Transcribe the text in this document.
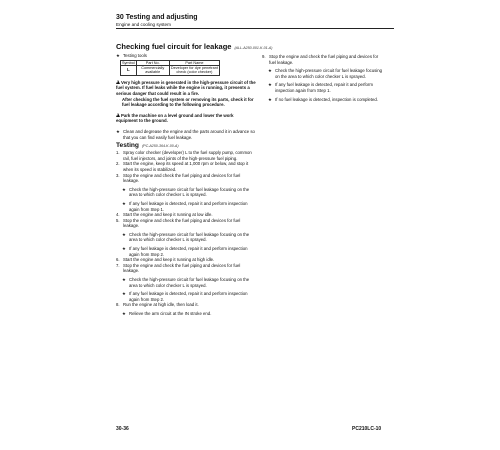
30 Testing and adjusting
Engine and cooling system
Checking fuel circuit for leakage (ALL-A250-001-K-01-A)
★ Testing tools
Symbol	Part No.	Part Name
L	Commercially available	Developer for dye penetrant check (color checker)
!Very high pressure is generated in the high-pressure circuit of the fuel system. If fuel leaks while the engine is running, it presents a serious danger that could result in a fire.
After checking the fuel system or removing its parts, check it for fuel leakage according to the following procedure.
!Park the machine on a level ground and lower the work equipment to the ground.
★ Clean and degrease the engine and the parts around it in advance so that you can find easily fuel leakage.
Testing (PC-A250-364-K-00-A)
1. Spray color checker (developer) L to the fuel supply pump, common rail, fuel injectors, and joints of the high-pressure fuel piping.
2. Start the engine, keep its speed at 1,000 rpm or below, and stop it when its speed is stabilized.
3. Stop the engine and check the fuel piping and devices for fuel leakage.
★ Check the high-pressure circuit for fuel leakage focusing on the area to which color checker L is sprayed.
★ If any fuel leakage is detected, repair it and perform inspection again from Step 1.
4. Start the engine and keep it running at low idle.
5. Stop the engine and check the fuel piping and devices for fuel leakage.
★ Check the high-pressure circuit for fuel leakage focusing on the area to which color checker L is sprayed.
★ If any fuel leakage is detected, repair it and perform inspection again from Step 2.
6. Start the engine and keep it running at high idle.
7. Stop the engine and check the fuel piping and devices for fuel leakage.
★ Check the high-pressure circuit for fuel leakage focusing on the area to which color checker L is sprayed.
★ If any fuel leakage is detected, repair it and perform inspection again from Step 2.
8. Run the engine at high idle, then load it.
★ Relieve the arm circuit at the IN stroke end.
9. Stop the engine and check the fuel piping and devices for fuel leakage.
★ Check the high-pressure circuit for fuel leakage focusing on the area to which color checker L is sprayed.
★ If any fuel leakage is detected, repair it and perform inspection again from Step 1.
★ If no fuel leakage is detected, inspection is completed.
30-36	PC210LC-10
